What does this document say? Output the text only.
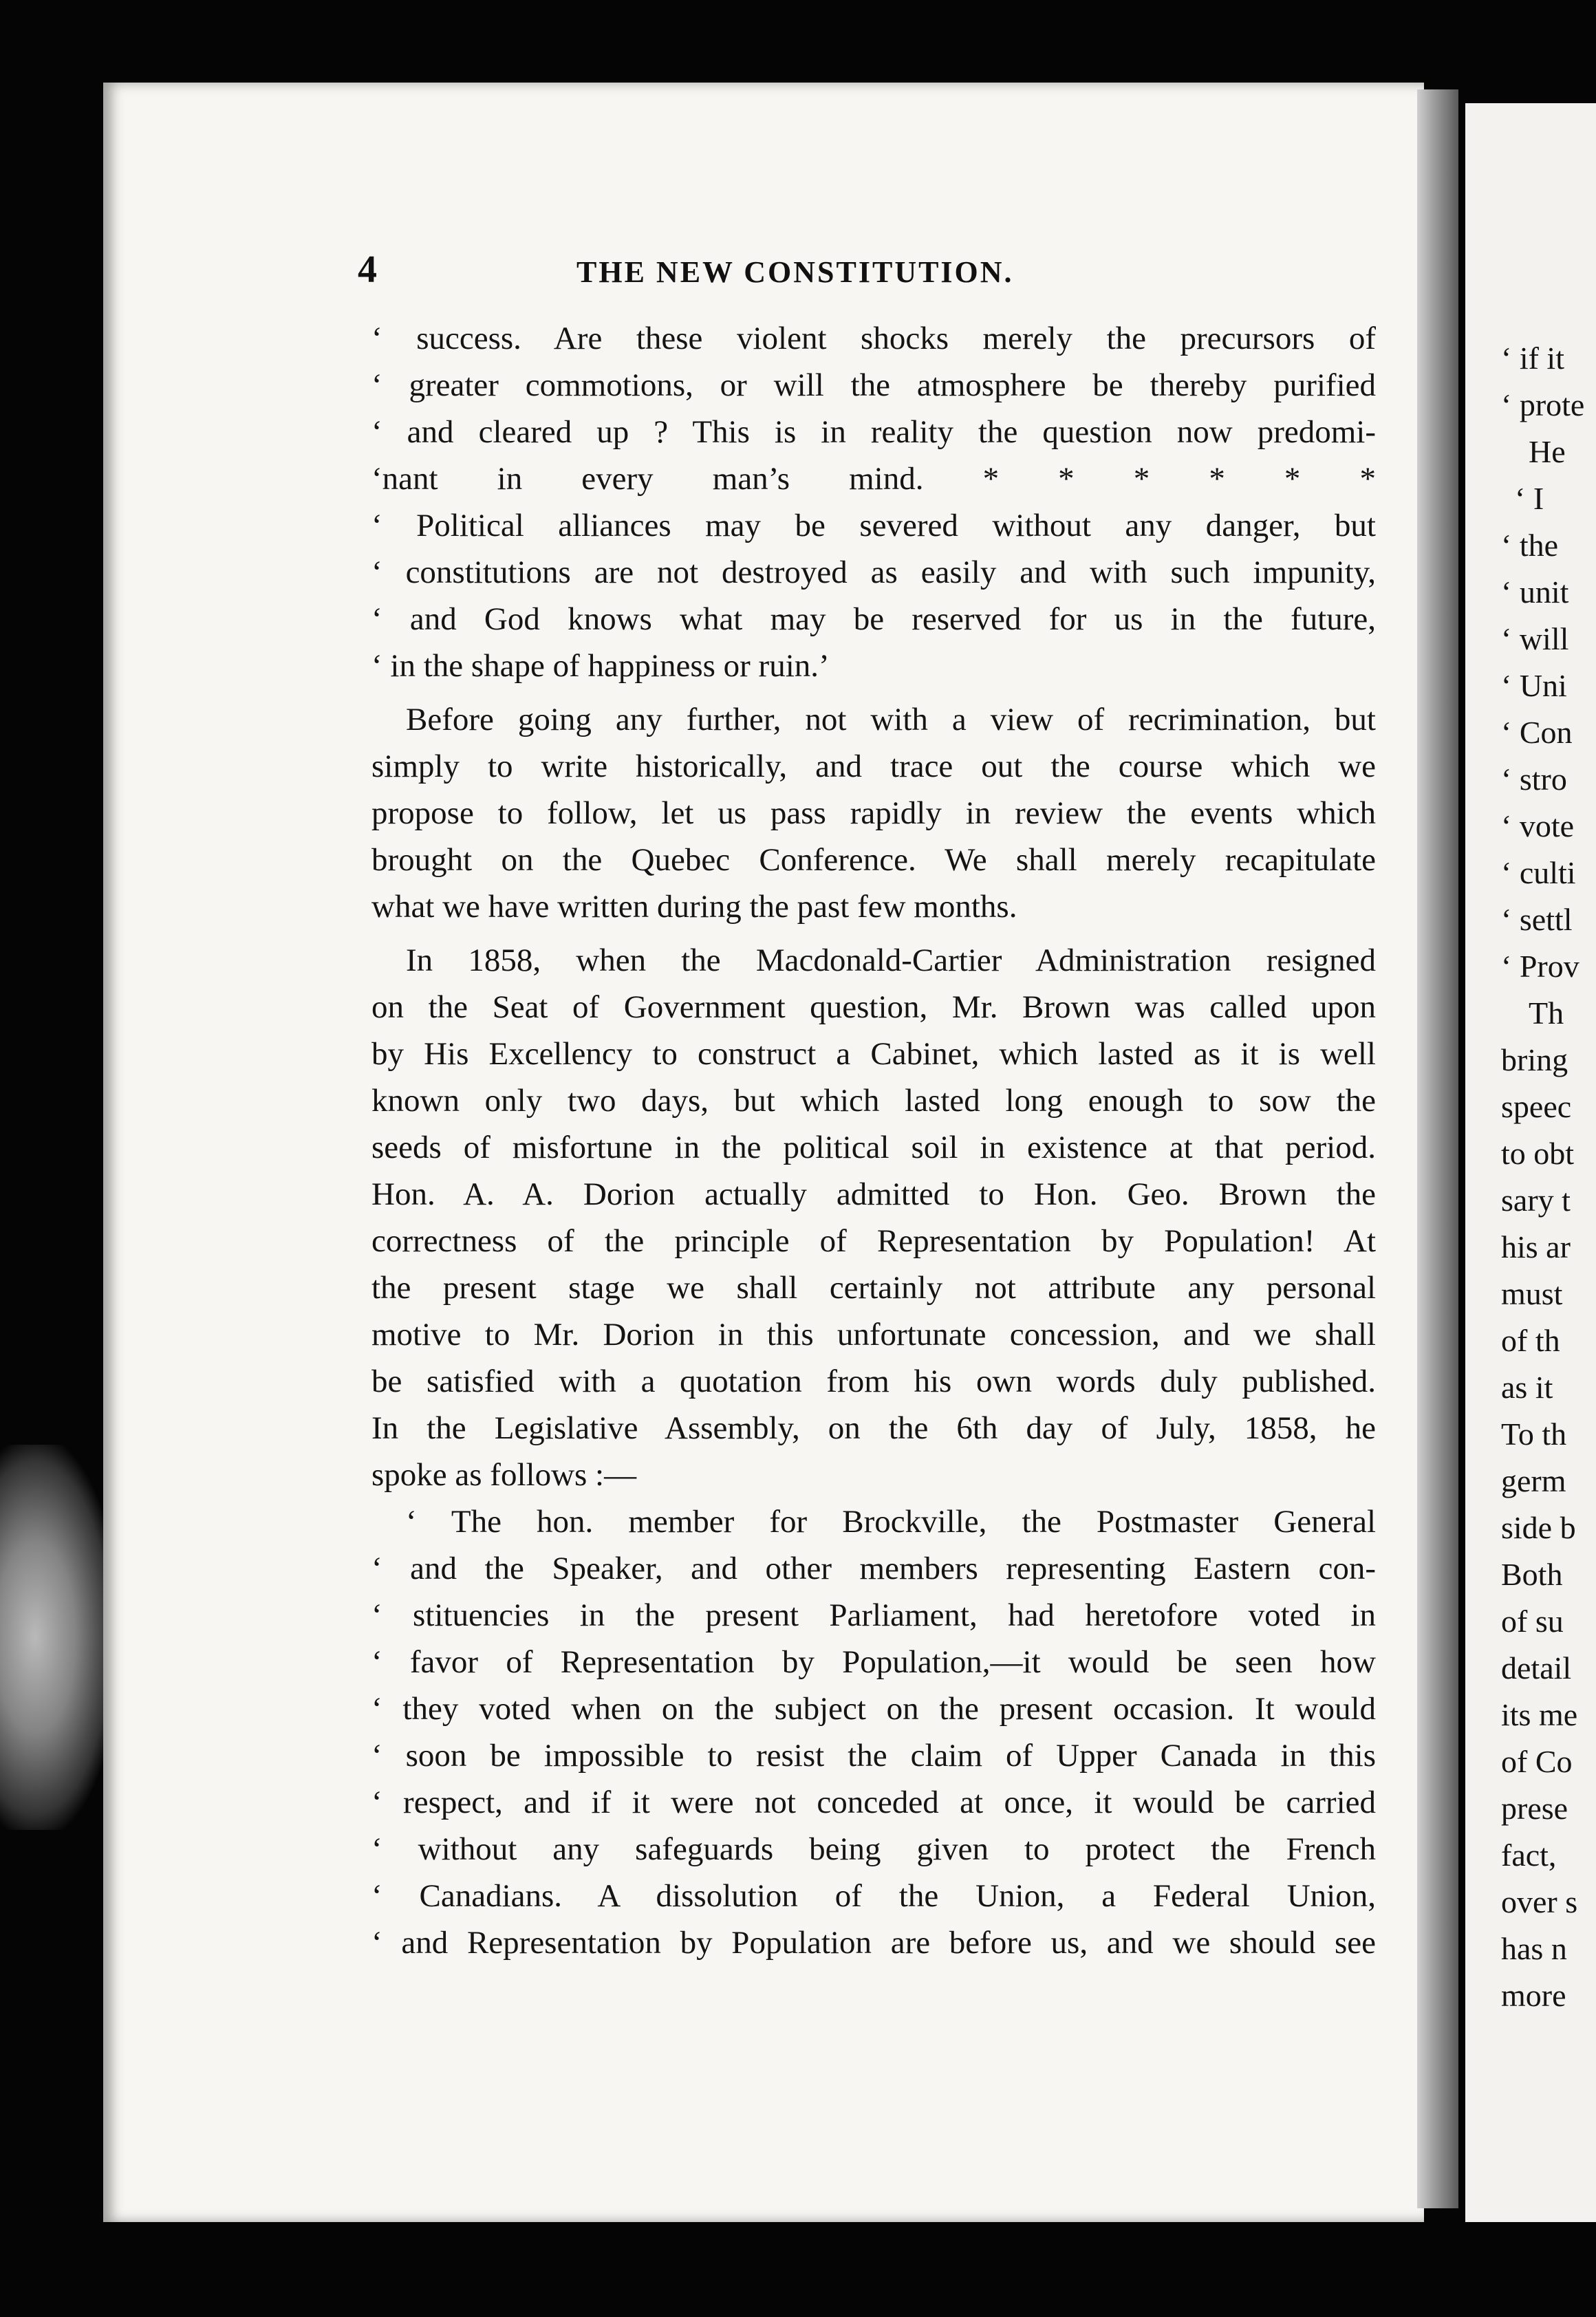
4	THE NEW CONSTITUTION.
‘ success. Are these violent shocks merely the precursors of
‘ greater commotions, or will the atmosphere be thereby purified
‘ and cleared up ? This is in reality the question now predomi-
‘nant in every man’s mind. * * * * * *
‘ Political alliances may be severed without any danger, but
‘ constitutions are not destroyed as easily and with such impunity,
‘ and God knows what may be reserved for us in the future,
‘ in the shape of happiness or ruin.’
Before going any further, not with a view of recrimination, but
simply to write historically, and trace out the course which we
propose to follow, let us pass rapidly in review the events which
brought on the Quebec Conference. We shall merely recapitulate
what we have written during the past few months.
In 1858, when the Macdonald-Cartier Administration resigned
on the Seat of Government question, Mr. Brown was called upon
by His Excellency to construct a Cabinet, which lasted as it is well
known only two days, but which lasted long enough to sow the
seeds of misfortune in the political soil in existence at that period.
Hon. A. A. Dorion actually admitted to Hon. Geo. Brown the
correctness of the principle of Representation by Population! At
the present stage we shall certainly not attribute any personal
motive to Mr. Dorion in this unfortunate concession, and we shall
be satisfied with a quotation from his own words duly published.
In the Legislative Assembly, on the 6th day of July, 1858, he
spoke as follows :—
‘ The hon. member for Brockville, the Postmaster General
‘ and the Speaker, and other members representing Eastern con-
‘ stituencies in the present Parliament, had heretofore voted in
‘ favor of Representation by Population,—it would be seen how
‘ they voted when on the subject on the present occasion. It would
‘ soon be impossible to resist the claim of Upper Canada in this
‘ respect, and if it were not conceded at once, it would be carried
‘ without any safeguards being given to protect the French
‘ Canadians. A dissolution of the Union, a Federal Union,
‘ and Representation by Population are before us, and we should see
‘ if it
‘ prote
He
‘ I
‘ the
‘ unit
‘ will
‘ Uni
‘ Con
‘ stro
‘ vote
‘ culti
‘ settl
‘ Prov
Th
bring
speec
to obt
sary t
his ar
must
of th
as it
To th
germ
side b
Both
of su
detail
its me
of Co
prese
fact,
over s
has n
more
